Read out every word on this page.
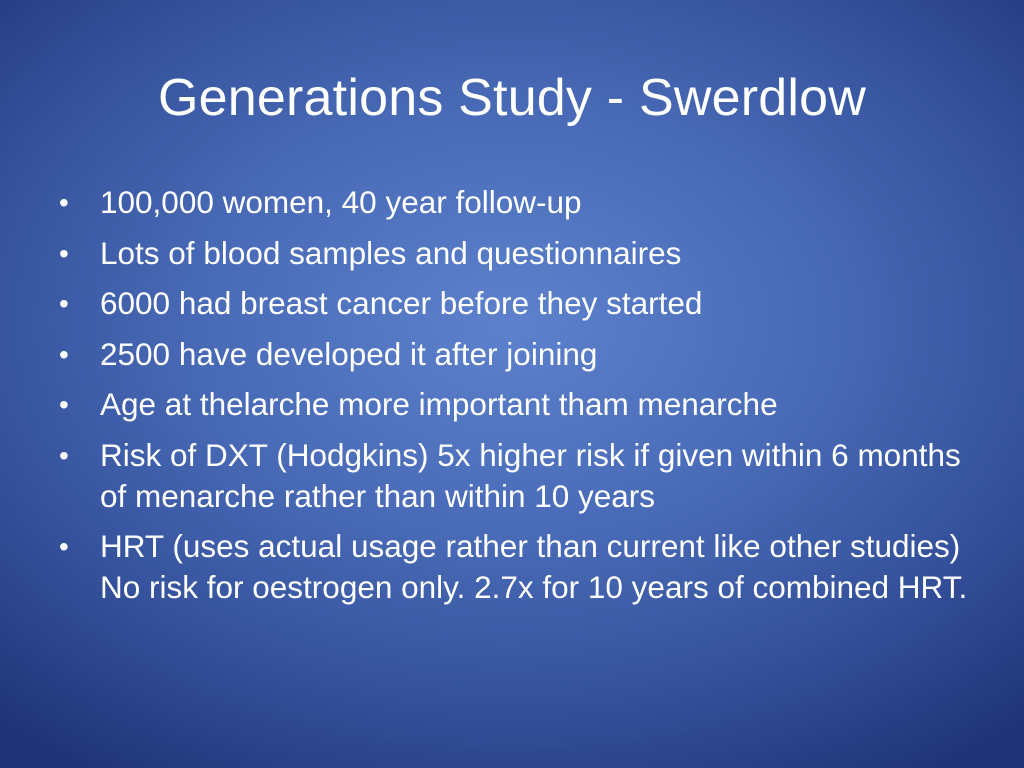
Generations Study - Swerdlow
• 100,000 women, 40 year follow-up
• Lots of blood samples and questionnaires
• 6000 had breast cancer before they started
• 2500 have developed it after joining
• Age at thelarche more important tham menarche
• Risk of DXT (Hodgkins) 5x higher risk if given within 6 months of menarche rather than within 10 years
• HRT (uses actual usage rather than current like other studies) No risk for oestrogen only. 2.7x for 10 years of combined HRT.
